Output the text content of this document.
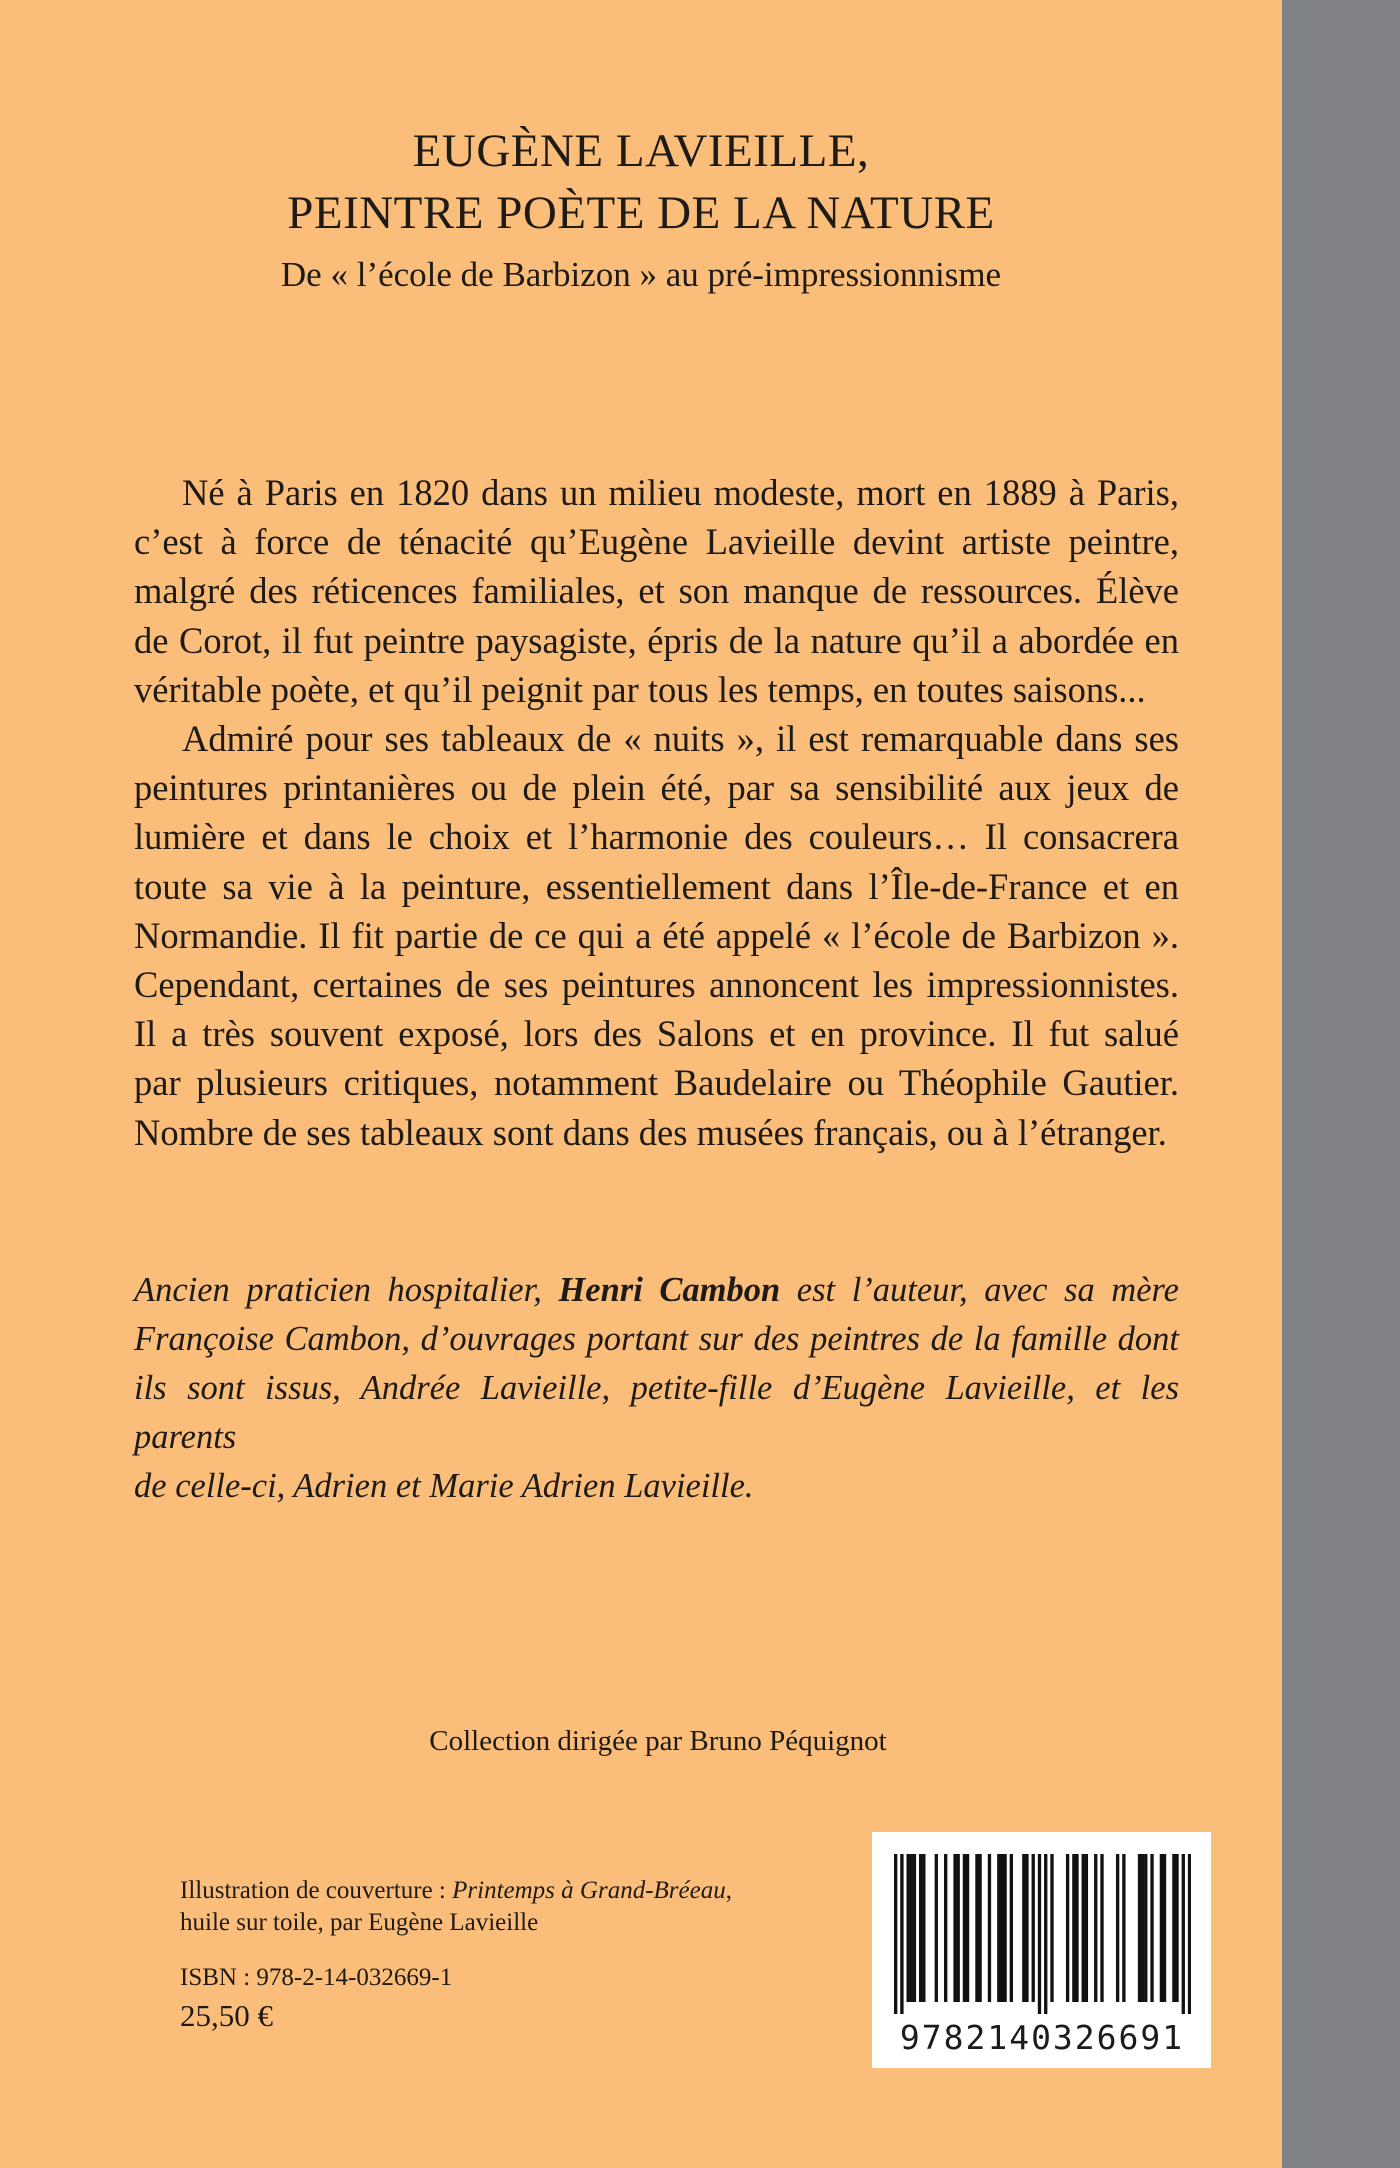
EUGÈNE LAVIEILLE,
PEINTRE POÈTE DE LA NATURE
De « l’école de Barbizon » au pré-impressionnisme

Né à Paris en 1820 dans un milieu modeste, mort en 1889 à Paris,

c’est à force de ténacité qu’Eugène Lavieille devint artiste peintre,

malgré des réticences familiales, et son manque de ressources. Élève

de Corot, il fut peintre paysagiste, épris de la nature qu’il a abordée en

véritable poète, et qu’il peignit par tous les temps, en toutes saisons...

Admiré pour ses tableaux de « nuits », il est remarquable dans ses

peintures printanières ou de plein été, par sa sensibilité aux jeux de

lumière et dans le choix et l’harmonie des couleurs… Il consacrera

toute sa vie à la peinture, essentiellement dans l’Île-de-France et en

Normandie. Il fit partie de ce qui a été appelé « l’école de Barbizon ».

Cependant, certaines de ses peintures annoncent les impressionnistes.

Il a très souvent exposé, lors des Salons et en province. Il fut salué

par plusieurs critiques, notamment Baudelaire ou Théophile Gautier.

Nombre de ses tableaux sont dans des musées français, ou à l’étranger.

Ancien praticien hospitalier, Henri Cambon est l’auteur, avec sa mère

Françoise Cambon, d’ouvrages portant sur des peintres de la famille dont

ils sont issus, Andrée Lavieille, petite-fille d’Eugène Lavieille, et les parents

de celle-ci, Adrien et Marie Adrien Lavieille.

Collection dirigée par Bruno Péquignot
Illustration de couverture : Printemps à Grand-Bréeau,
huile sur toile, par Eugène Lavieille
ISBN : 978-2-14-032669-1
25,50 €
9782140326691
